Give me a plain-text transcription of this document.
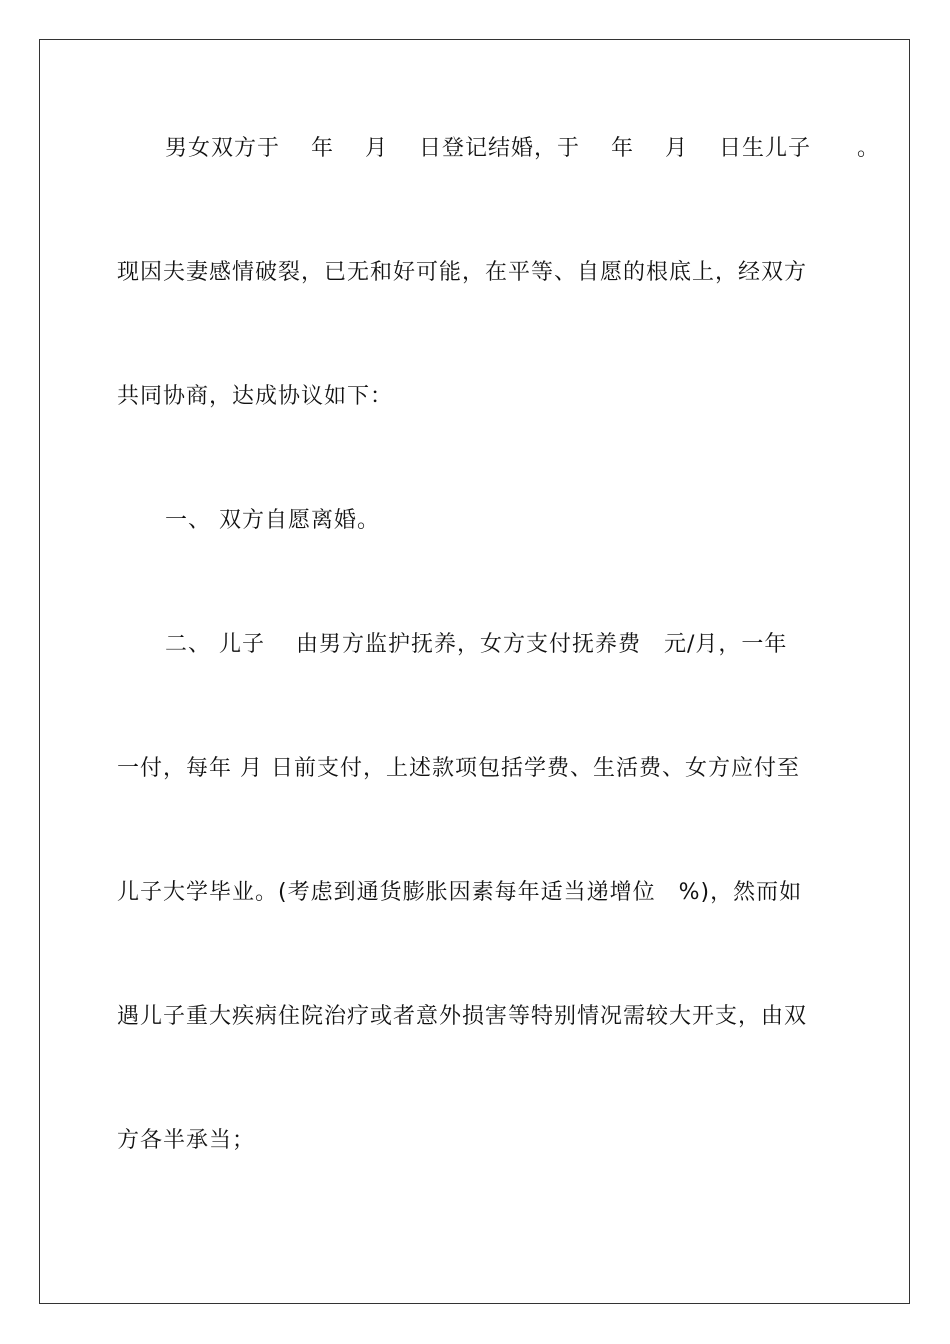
男女双方于　 年　 月　 日登记结婚，于　 年　 月　 日生儿子　　。
现因夫妻感情破裂，已无和好可能，在平等、自愿的根底上，经双方
共同协商，达成协议如下：
一、 双方自愿离婚。
二、 儿子　 由男方监护抚养，女方支付抚养费　元/月，一年
一付，每年 月 日前支付，上述款项包括学费、生活费、女方应付至
儿子大学毕业。(考虑到通货膨胀因素每年适当递增位　%)，然而如
遇儿子重大疾病住院治疗或者意外损害等特别情况需较大开支，由双
方各半承当；
